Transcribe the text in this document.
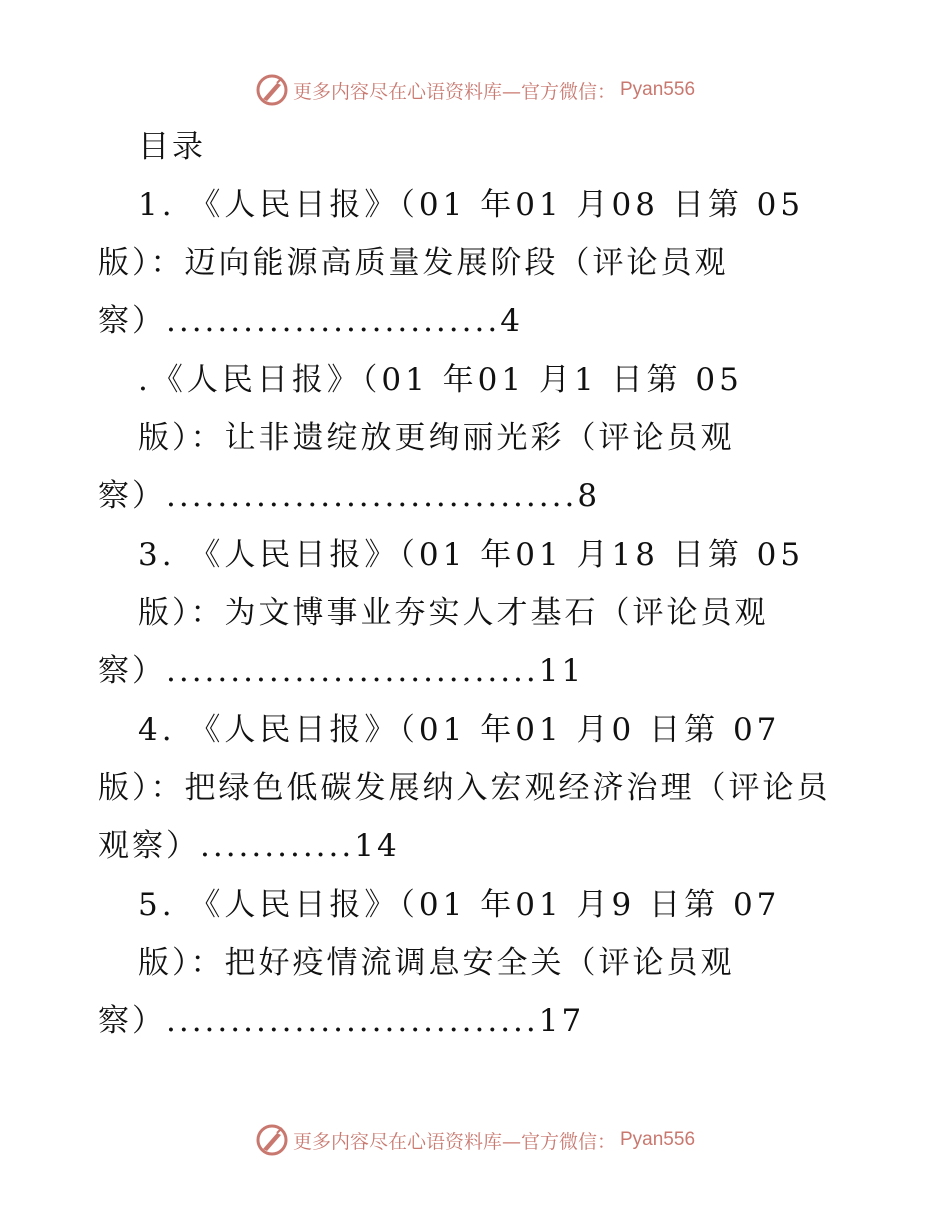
更多内容尽在心语资料库—官方微信： Pyan556
目录
1. 《人民日报》（01 年01 月08 日第 05
版）：迈向能源高质量发展阶段（评论员观
察）..........................4
.《人民日报》（01 年01 月1 日第 05
版）：让非遗绽放更绚丽光彩（评论员观
察）................................8
3. 《人民日报》（01 年01 月18 日第 05
版）：为文博事业夯实人才基石（评论员观
察）.............................11
4. 《人民日报》（01 年01 月0 日第 07
版）：把绿色低碳发展纳入宏观经济治理（评论员
观察）............14
5. 《人民日报》（01 年01 月9 日第 07
版）：把好疫情流调息安全关（评论员观
察）.............................17
更多内容尽在心语资料库—官方微信： Pyan556
